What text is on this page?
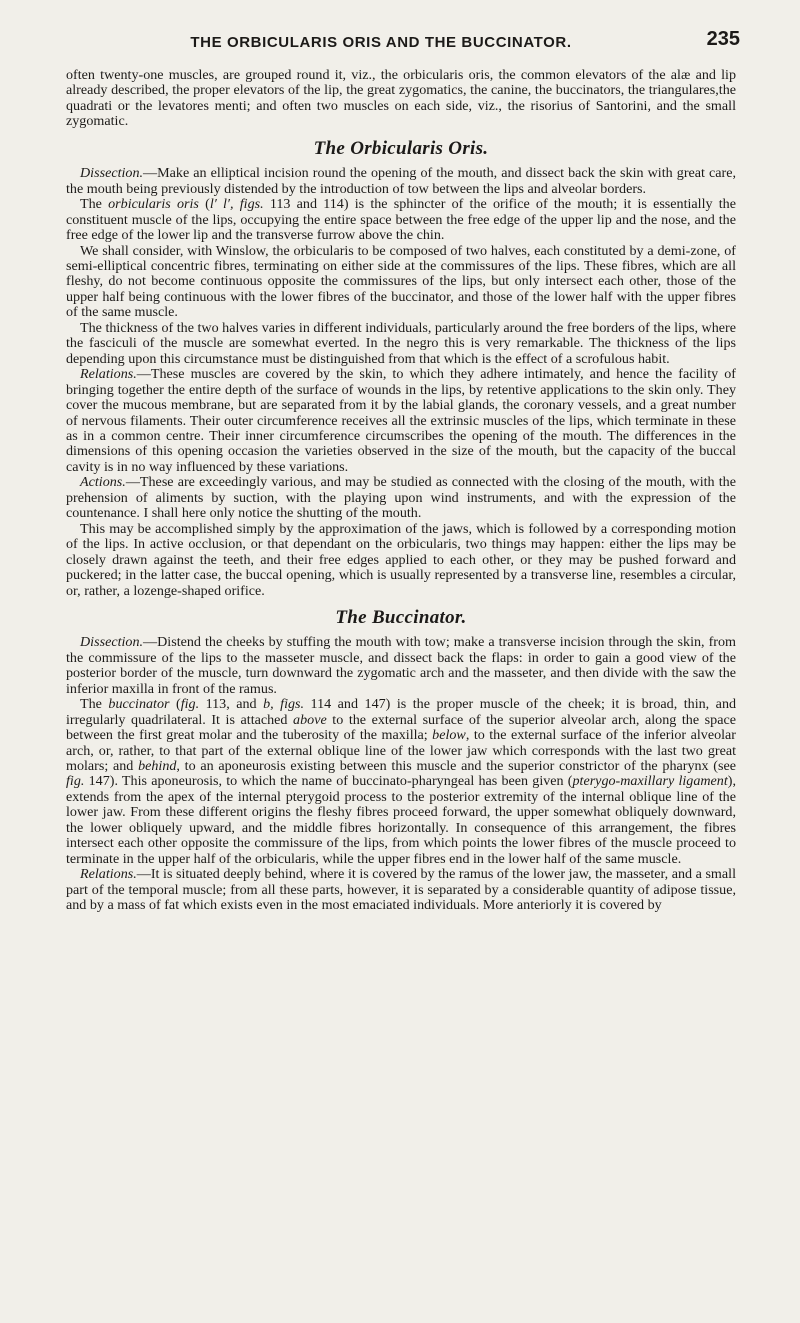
THE ORBICULARIS ORIS AND THE BUCCINATOR.	235

often twenty-one muscles, are grouped round it, viz., the orbicularis oris, the common elevators of the alæ and lip already described, the proper elevators of the lip, the great zygomatics, the canine, the buccinators, the triangulares,the quadrati or the levatores menti; and often two muscles on each side, viz., the risorius of Santorini, and the small zygomatic.

The Orbicularis Oris.

Dissection.—Make an elliptical incision round the opening of the mouth, and dissect back the skin with great care, the mouth being previously distended by the introduction of tow between the lips and alveolar borders.

The orbicularis oris (l′ l′, figs. 113 and 114) is the sphincter of the orifice of the mouth; it is essentially the constituent muscle of the lips, occupying the entire space between the free edge of the upper lip and the nose, and the free edge of the lower lip and the transverse furrow above the chin.

We shall consider, with Winslow, the orbicularis to be composed of two halves, each constituted by a demi-zone, of semi-elliptical concentric fibres, terminating on either side at the commissures of the lips. These fibres, which are all fleshy, do not become continuous opposite the commissures of the lips, but only intersect each other, those of the upper half being continuous with the lower fibres of the buccinator, and those of the lower half with the upper fibres of the same muscle.

The thickness of the two halves varies in different individuals, particularly around the free borders of the lips, where the fasciculi of the muscle are somewhat everted. In the negro this is very remarkable. The thickness of the lips depending upon this circumstance must be distinguished from that which is the effect of a scrofulous habit.

Relations.—These muscles are covered by the skin, to which they adhere intimately, and hence the facility of bringing together the entire depth of the surface of wounds in the lips, by retentive applications to the skin only. They cover the mucous membrane, but are separated from it by the labial glands, the coronary vessels, and a great number of nervous filaments. Their outer circumference receives all the extrinsic muscles of the lips, which terminate in these as in a common centre. Their inner circumference circumscribes the opening of the mouth. The differences in the dimensions of this opening occasion the varieties observed in the size of the mouth, but the capacity of the buccal cavity is in no way influenced by these variations.

Actions.—These are exceedingly various, and may be studied as connected with the closing of the mouth, with the prehension of aliments by suction, with the playing upon wind instruments, and with the expression of the countenance. I shall here only notice the shutting of the mouth.

This may be accomplished simply by the approximation of the jaws, which is followed by a corresponding motion of the lips. In active occlusion, or that dependant on the orbicularis, two things may happen: either the lips may be closely drawn against the teeth, and their free edges applied to each other, or they may be pushed forward and puckered; in the latter case, the buccal opening, which is usually represented by a transverse line, resembles a circular, or, rather, a lozenge-shaped orifice.

The Buccinator.

Dissection.—Distend the cheeks by stuffing the mouth with tow; make a transverse incision through the skin, from the commissure of the lips to the masseter muscle, and dissect back the flaps: in order to gain a good view of the posterior border of the muscle, turn downward the zygomatic arch and the masseter, and then divide with the saw the inferior maxilla in front of the ramus.

The buccinator (fig. 113, and b, figs. 114 and 147) is the proper muscle of the cheek; it is broad, thin, and irregularly quadrilateral. It is attached above to the external surface of the superior alveolar arch, along the space between the first great molar and the tuberosity of the maxilla; below, to the external surface of the inferior alveolar arch, or, rather, to that part of the external oblique line of the lower jaw which corresponds with the last two great molars; and behind, to an aponeurosis existing between this muscle and the superior constrictor of the pharynx (see fig. 147). This aponeurosis, to which the name of buccinato-pharyngeal has been given (pterygo-maxillary ligament), extends from the apex of the internal pterygoid process to the posterior extremity of the internal oblique line of the lower jaw. From these different origins the fleshy fibres proceed forward, the upper somewhat obliquely downward, the lower obliquely upward, and the middle fibres horizontally. In consequence of this arrangement, the fibres intersect each other opposite the commissure of the lips, from which points the lower fibres of the muscle proceed to terminate in the upper half of the orbicularis, while the upper fibres end in the lower half of the same muscle.

Relations.—It is situated deeply behind, where it is covered by the ramus of the lower jaw, the masseter, and a small part of the temporal muscle; from all these parts, however, it is separated by a considerable quantity of adipose tissue, and by a mass of fat which exists even in the most emaciated individuals. More anteriorly it is covered by
